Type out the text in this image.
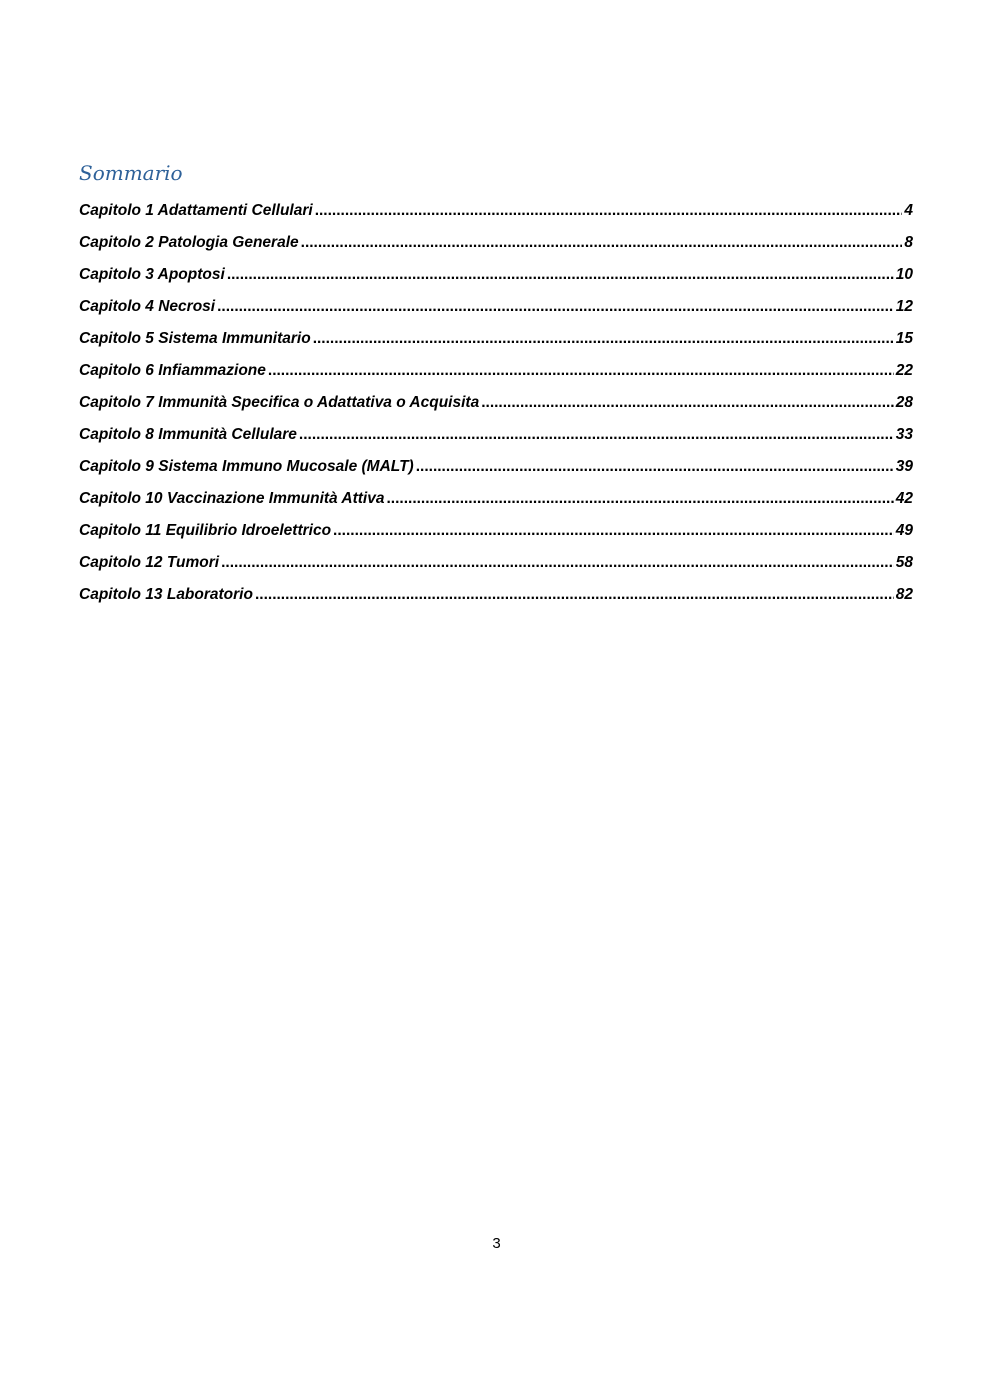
Sommario
Capitolo 1 Adattamenti Cellulari .....	4
Capitolo 2 Patologia Generale .....	8
Capitolo 3 Apoptosi .....	10
Capitolo 4 Necrosi .....	12
Capitolo 5 Sistema Immunitario .....	15
Capitolo 6 Infiammazione .....	22
Capitolo 7 Immunità Specifica o Adattativa o Acquisita .....	28
Capitolo 8 Immunità Cellulare .....	33
Capitolo 9 Sistema Immuno Mucosale (MALT) .....	39
Capitolo 10 Vaccinazione Immunità Attiva .....	42
Capitolo 11 Equilibrio Idroelettrico .....	49
Capitolo 12 Tumori .....	58
Capitolo 13 Laboratorio .....	82
3
